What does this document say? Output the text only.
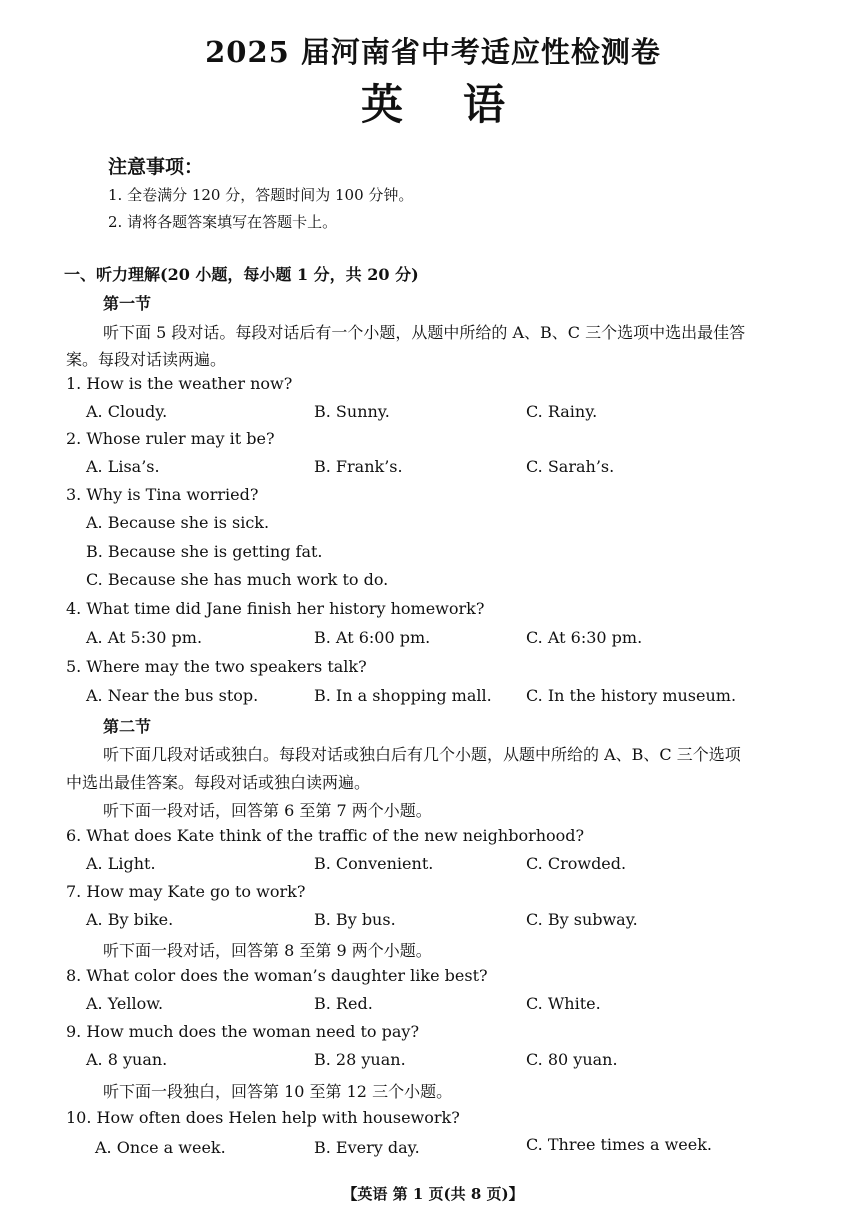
2025 届河南省中考适应性检测卷
英语
注意事项：
1. 全卷满分 120 分，答题时间为 100 分钟。
2. 请将各题答案填写在答题卡上。
一、听力理解(20 小题，每小题 1 分，共 20 分)
第一节
听下面 5 段对话。每段对话后有一个小题，从题中所给的 A、B、C 三个选项中选出最佳答
案。每段对话读两遍。
1. How is the weather now?
A. Cloudy.	B. Sunny.	C. Rainy.
2. Whose ruler may it be?
A. Lisa’s.	B. Frank’s.	C. Sarah’s.
3. Why is Tina worried?
A. Because she is sick.
B. Because she is getting fat.
C. Because she has much work to do.
4. What time did Jane finish her history homework?
A. At 5:30 pm.	B. At 6:00 pm.	C. At 6:30 pm.
5. Where may the two speakers talk?
A. Near the bus stop.	B. In a shopping mall. C. In the history museum.
第二节
听下面几段对话或独白。每段对话或独白后有几个小题，从题中所给的 A、B、C 三个选项
中选出最佳答案。每段对话或独白读两遍。
听下面一段对话，回答第 6 至第 7 两个小题。
6. What does Kate think of the traffic of the new neighborhood?
A. Light.	B. Convenient.	C. Crowded.
7. How may Kate go to work?
A. By bike.	B. By bus.	C. By subway.
听下面一段对话，回答第 8 至第 9 两个小题。
8. What color does the woman’s daughter like best?
A. Yellow.	B. Red.	C. White.
9. How much does the woman need to pay?
A. 8 yuan.	B. 28 yuan.	C. 80 yuan.
听下面一段独白，回答第 10 至第 12 三个小题。
10. How often does Helen help with housework?
A. Once a week.	B. Every day.	C. Three times a week.
【英语 第 1 页(共 8 页)】
